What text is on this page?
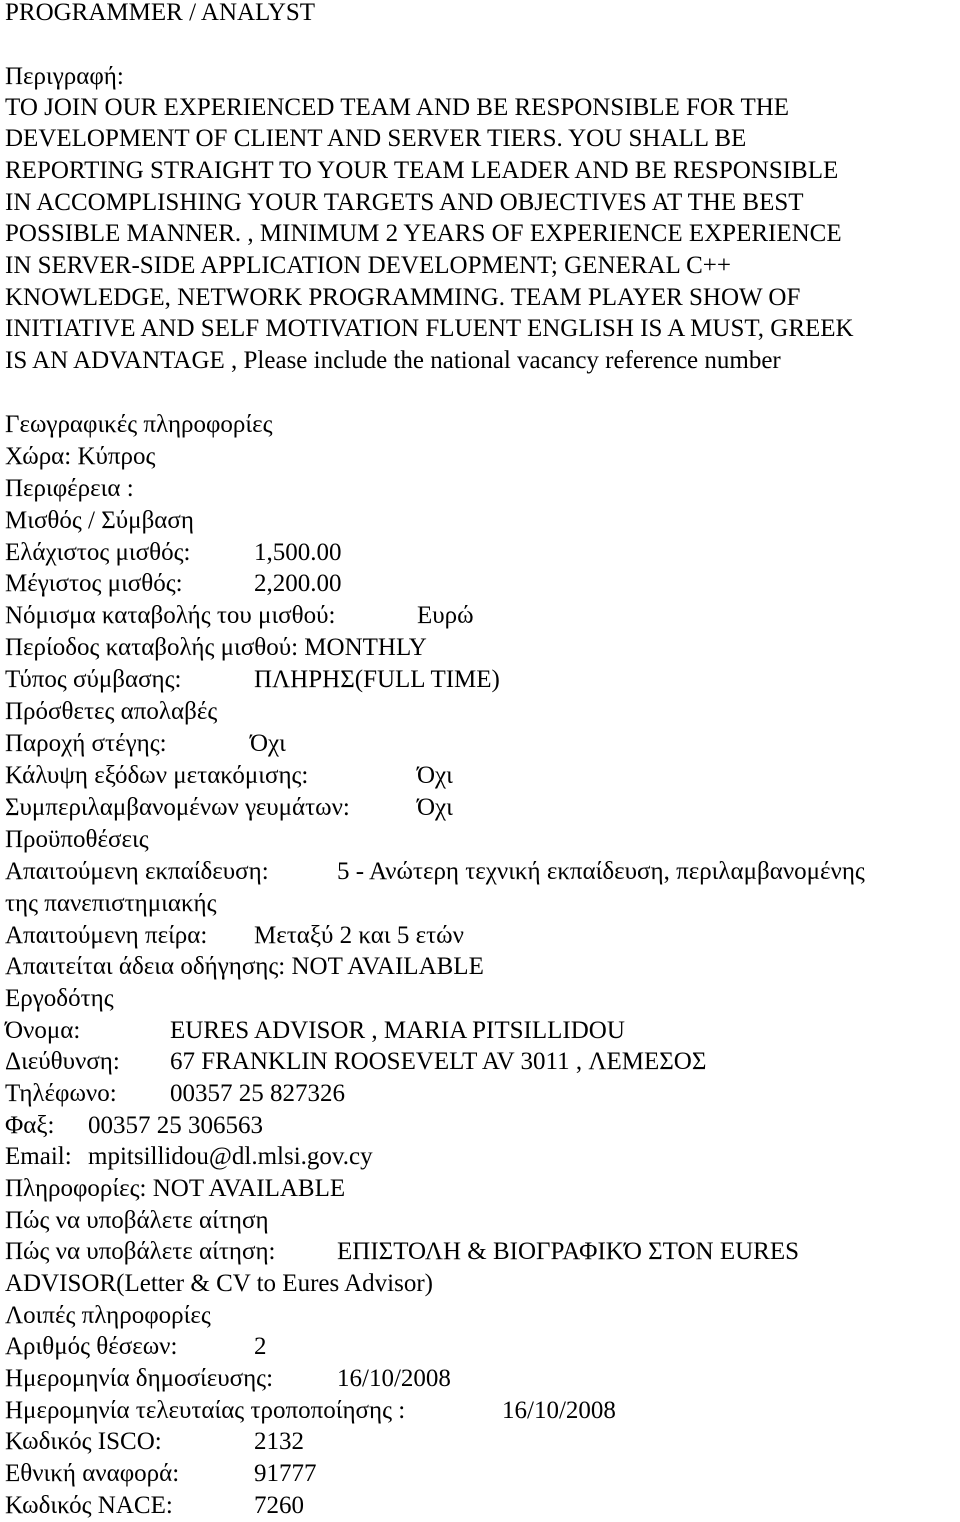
PROGRAMMER / ANALYST
Περιγραφή:
TO JOIN OUR EXPERIENCED TEAM AND BE RESPONSIBLE FOR THE
DEVELOPMENT OF CLIENT AND SERVER TIERS. YOU SHALL BE
REPORTING STRAIGHT TO YOUR TEAM LEADER AND BE RESPONSIBLE
IN ACCOMPLISHING YOUR TARGETS AND OBJECTIVES AT THE BEST
POSSIBLE MANNER. , MINIMUM 2 YEARS OF EXPERIENCE EXPERIENCE
IN SERVER-SIDE APPLICATION DEVELOPMENT; GENERAL C++
KNOWLEDGE, NETWORK PROGRAMMING. TEAM PLAYER SHOW OF
INITIATIVE AND SELF MOTIVATION FLUENT ENGLISH IS A MUST, GREEK
IS AN ADVANTAGE , Please include the national vacancy reference number
Γεωγραφικές πληροφορίες
Χώρα: Κύπρος
Περιφέρεια :
Μισθός / Σύμβαση
Ελάχιστος μισθός:	1,500.00
Μέγιστος μισθός:	2,200.00
Νόμισμα καταβολής του μισθού:	Ευρώ
Περίοδος καταβολής μισθού: MONTHLY
Τύπος σύμβασης:	ΠΛΗΡΗΣ(FULL TIME)
Πρόσθετες απολαβές
Παροχή στέγης:	Όχι
Κάλυψη εξόδων μετακόμισης:	Όχι
Συμπεριλαμβανομένων γευμάτων:	Όχι
Προϋποθέσεις
Απαιτούμενη εκπαίδευση:	5 - Ανώτερη τεχνική εκπαίδευση, περιλαμβανομένης
της πανεπιστημιακής
Απαιτούμενη πείρα: Μεταξύ 2 και 5 ετών
Απαιτείται άδεια οδήγησης: NOT AVAILABLE
Εργοδότης
Όνομα:	EURES ADVISOR , MARIA PITSILLIDOU
Διεύθυνση: 67 FRANKLIN ROOSEVELT AV 3011 , ΛΕΜΕΣΟΣ
Τηλέφωνο: 00357 25 827326
Φαξ: 00357 25 306563
Email: mpitsillidou@dl.mlsi.gov.cy
Πληροφορίες: NOT AVAILABLE
Πώς να υποβάλετε αίτηση
Πώς να υποβάλετε αίτηση: ΕΠΙΣΤΟΛΗ & ΒΙΟΓΡΑΦΙΚΌ ΣΤΟΝ EURES
ADVISOR(Letter & CV to Eures Advisor)
Λοιπές πληροφορίες
Αριθμός θέσεων:	2
Ημερομηνία δημοσίευσης:	16/10/2008
Ημερομηνία τελευταίας τροποποίησης :	16/10/2008
Κωδικός ISCO:	2132
Εθνική αναφορά:	91777
Κωδικός NACE:	7260
